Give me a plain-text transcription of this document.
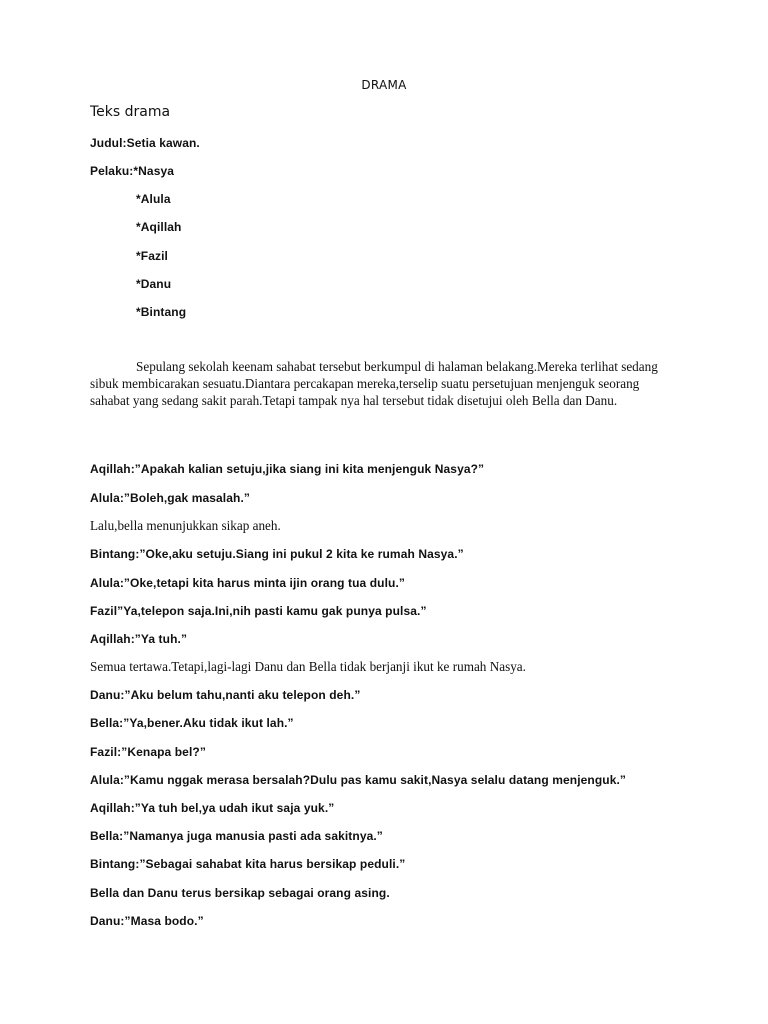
DRAMA
Teks drama
Judul:Setia kawan.
Pelaku:*Nasya
*Alula
*Aqillah
*Fazil
*Danu
*Bintang
Sepulang sekolah keenam sahabat tersebut berkumpul di halaman belakang.Mereka terlihat sedang sibuk membicarakan sesuatu.Diantara percakapan mereka,terselip suatu persetujuan menjenguk seorang sahabat yang sedang sakit parah.Tetapi tampak nya hal tersebut tidak disetujui oleh Bella dan Danu.
Aqillah:”Apakah kalian setuju,jika siang ini kita menjenguk Nasya?”
Alula:”Boleh,gak masalah.”
Lalu,bella menunjukkan sikap aneh.
Bintang:”Oke,aku setuju.Siang ini pukul 2 kita ke rumah Nasya.”
Alula:”Oke,tetapi kita harus minta ijin orang tua dulu.”
Fazil”Ya,telepon saja.Ini,nih pasti kamu gak punya pulsa.”
Aqillah:”Ya tuh.”
Semua tertawa.Tetapi,lagi-lagi Danu dan Bella tidak berjanji ikut ke rumah Nasya.
Danu:”Aku belum tahu,nanti aku telepon deh.”
Bella:”Ya,bener.Aku tidak ikut lah.”
Fazil:”Kenapa bel?”
Alula:”Kamu nggak merasa bersalah?Dulu pas kamu sakit,Nasya selalu datang menjenguk.”
Aqillah:”Ya tuh bel,ya udah ikut saja yuk.”
Bella:”Namanya juga manusia pasti ada sakitnya.”
Bintang:”Sebagai sahabat kita harus bersikap peduli.”
Bella dan Danu terus bersikap sebagai orang asing.
Danu:”Masa bodo.”
